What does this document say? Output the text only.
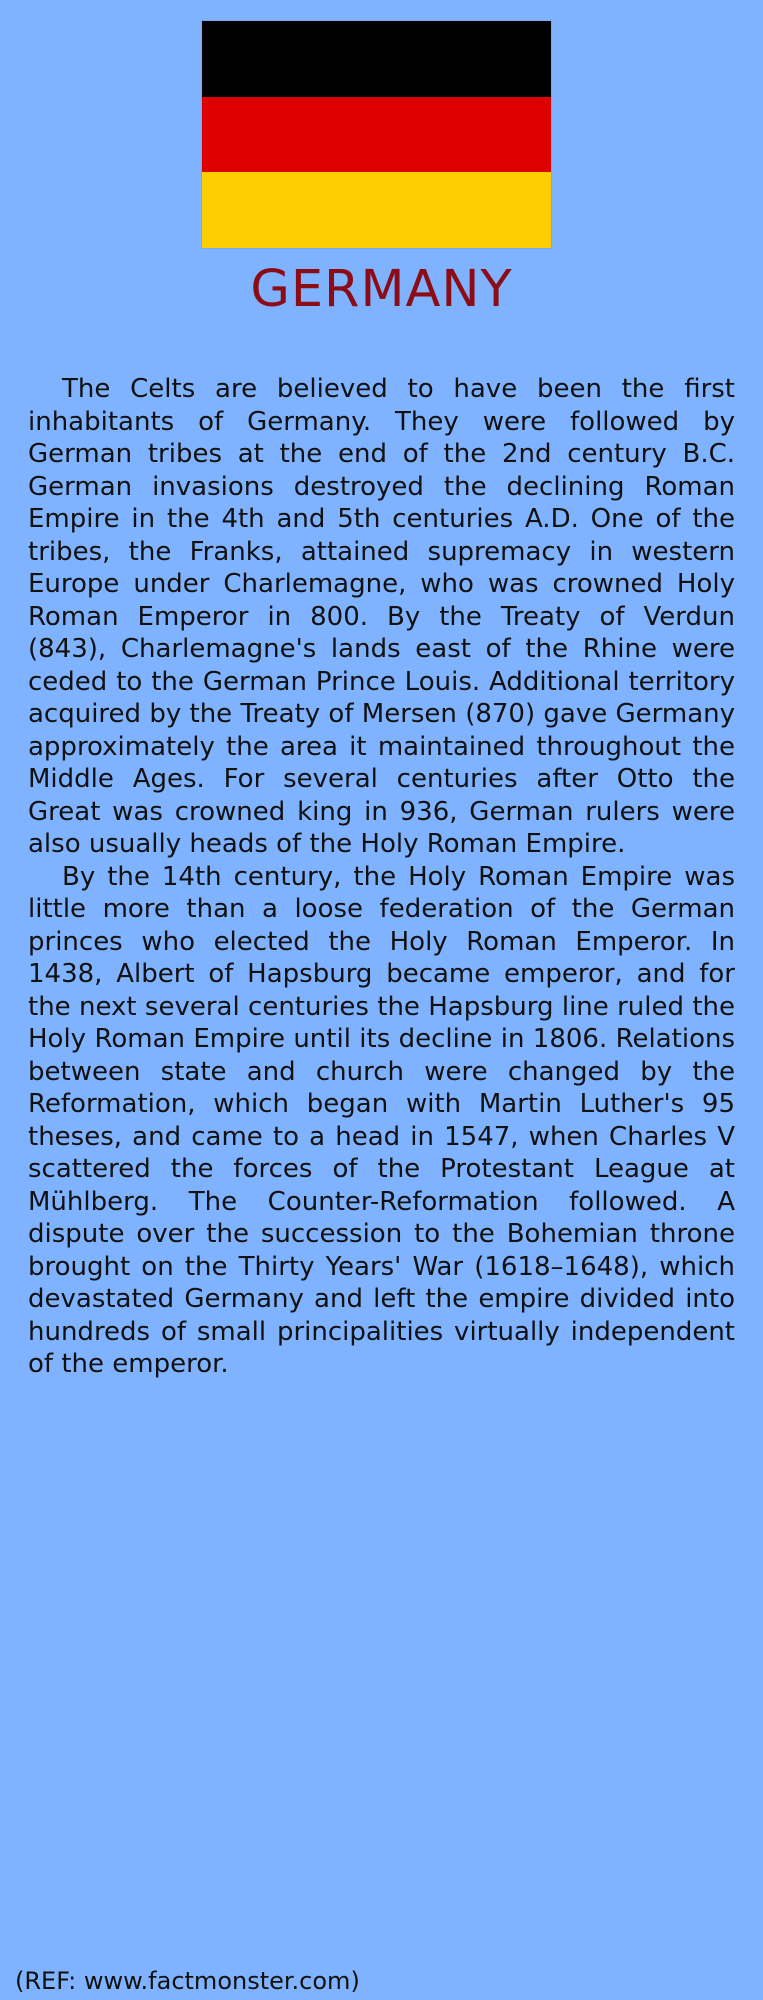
GERMANY

The Celts are believed to have been the first inhabitants of Germany. They were followed by German tribes at the end of the 2nd century B.C. German invasions destroyed the declining Roman Empire in the 4th and 5th centuries A.D. One of the tribes, the Franks, attained supremacy in western Europe under Charlemagne, who was crowned Holy Roman Emperor in 800. By the Treaty of Verdun (843), Charlemagne's lands east of the Rhine were ceded to the German Prince Louis. Additional territory acquired by the Treaty of Mersen (870) gave Germany approximately the area it maintained throughout the Middle Ages. For several centuries after Otto the Great was crowned king in 936, German rulers were also usually heads of the Holy Roman Empire.

By the 14th century, the Holy Roman Empire was little more than a loose federation of the German princes who elected the Holy Roman Emperor. In 1438, Albert of Hapsburg became emperor, and for the next several centuries the Hapsburg line ruled the Holy Roman Empire until its decline in 1806. Relations between state and church were changed by the Reformation, which began with Martin Luther's 95 theses, and came to a head in 1547, when Charles V scattered the forces of the Protestant League at Mühlberg. The Counter-Reformation followed. A dispute over the succession to the Bohemian throne brought on the Thirty Years' War (1618–1648), which devastated Germany and left the empire divided into hundreds of small principalities virtually independent of the emperor.

(REF: www.factmonster.com)
